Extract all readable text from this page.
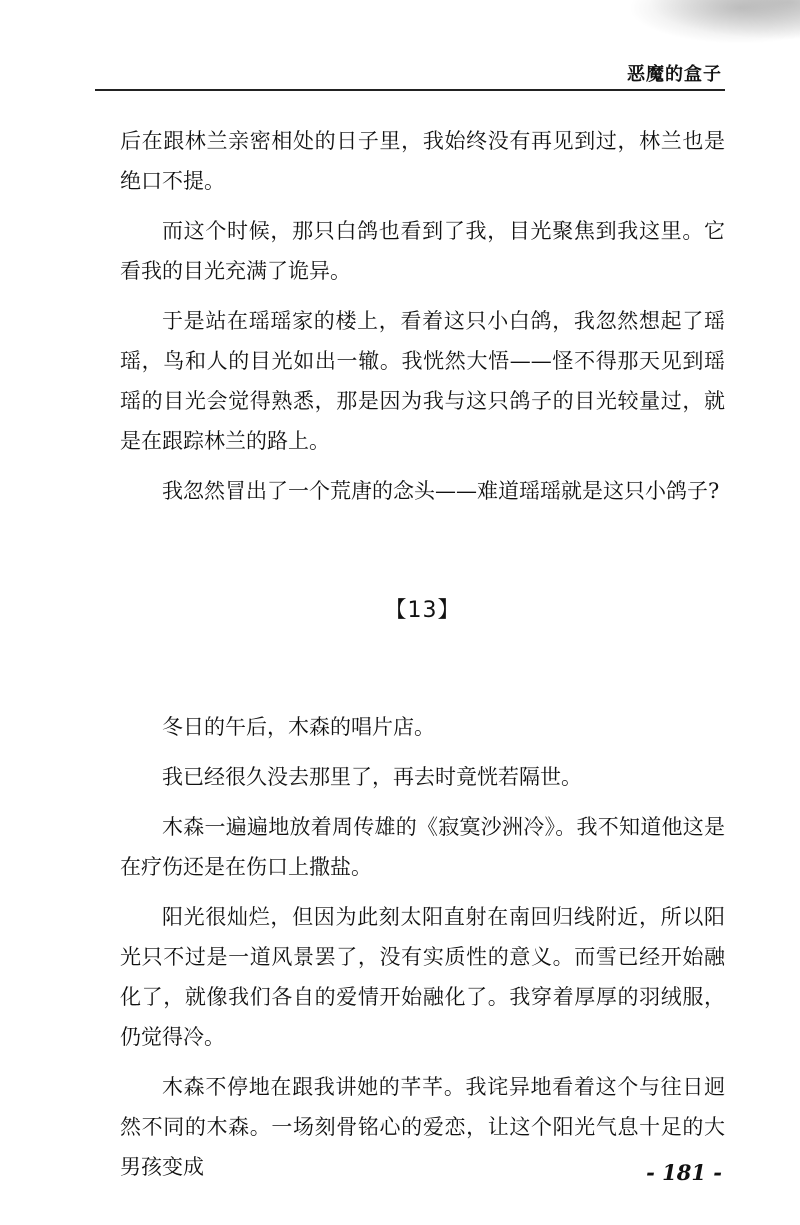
恶魔的盒子

后在跟林兰亲密相处的日子里，我始终没有再见到过，林兰也是绝口不提。

而这个时候，那只白鸽也看到了我，目光聚焦到我这里。它看我的目光充满了诡异。

于是站在瑶瑶家的楼上，看着这只小白鸽，我忽然想起了瑶瑶，鸟和人的目光如出一辙。我恍然大悟——怪不得那天见到瑶瑶的目光会觉得熟悉，那是因为我与这只鸽子的目光较量过，就是在跟踪林兰的路上。

我忽然冒出了一个荒唐的念头——难道瑶瑶就是这只小鸽子?

【13】

冬日的午后，木森的唱片店。

我已经很久没去那里了，再去时竟恍若隔世。

木森一遍遍地放着周传雄的《寂寞沙洲冷》。我不知道他这是在疗伤还是在伤口上撒盐。

阳光很灿烂，但因为此刻太阳直射在南回归线附近，所以阳光只不过是一道风景罢了，没有实质性的意义。而雪已经开始融化了，就像我们各自的爱情开始融化了。我穿着厚厚的羽绒服，仍觉得冷。

木森不停地在跟我讲她的芊芊。我诧异地看着这个与往日迥然不同的木森。一场刻骨铭心的爱恋，让这个阳光气息十足的大男孩变成	- 181 -
